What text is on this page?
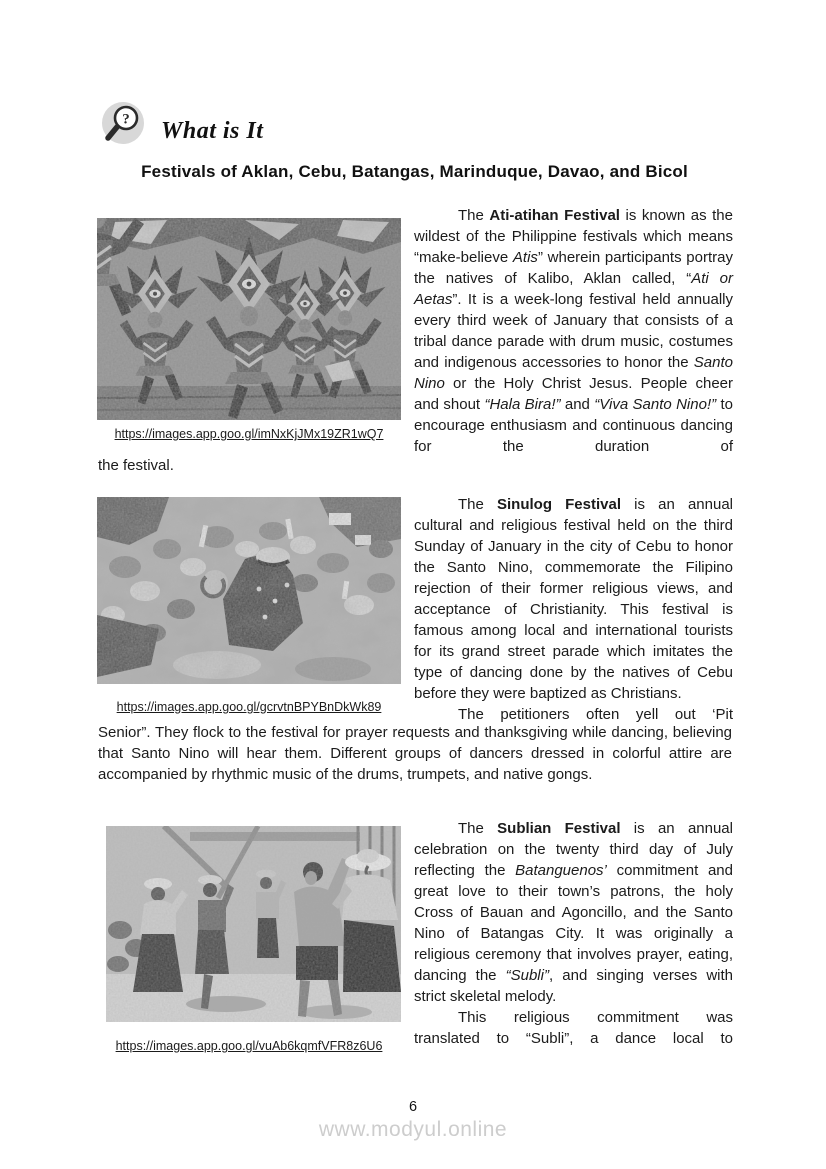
? What is It
Festivals of Aklan, Cebu, Batangas, Marinduque, Davao, and Bicol
https://images.app.goo.gl/imNxKjJMx19ZR1wQ7

The Ati-atihan Festival is known as the wildest of the Philippine festivals which means “make-believe Atis” wherein participants portray the natives of Kalibo, Aklan called, “Ati or Aetas”. It is a week-long festival held annually every third week of January that consists of a tribal dance parade with drum music, costumes and indigenous accessories to honor the Santo Nino or the Holy Christ Jesus. People cheer and shout “Hala Bira!” and “Viva Santo Nino!” to encourage enthusiasm and continuous dancing for the duration of

the festival.

https://images.app.goo.gl/gcrvtnBPYBnDkWk89

The Sinulog Festival is an annual cultural and religious festival held on the third Sunday of January in the city of Cebu to honor the Santo Nino, commemorate the Filipino rejection of their former religious views, and acceptance of Christianity. This festival is famous among local and international tourists for its grand street parade which imitates the type of dancing done by the natives of Cebu before they were baptized as Christians.

The petitioners often yell out ‘Pit

Senior”. They flock to the festival for prayer requests and thanksgiving while dancing, believing that Santo Nino will hear them. Different groups of dancers dressed in colorful attire are accompanied by rhythmic music of the drums, trumpets, and native gongs.

https://images.app.goo.gl/vuAb6kqmfVFR8z6U6

The Sublian Festival is an annual celebration on the twenty third day of July reflecting the Batanguenos’ commitment and great love to their town’s patrons, the holy Cross of Bauan and Agoncillo, and the Santo Nino of Batangas City. It was originally a religious ceremony that involves prayer, eating, dancing the “Subli”, and singing verses with strict skeletal melody.

This religious commitment was translated to “Subli”, a dance local to

6
www.modyul.online
